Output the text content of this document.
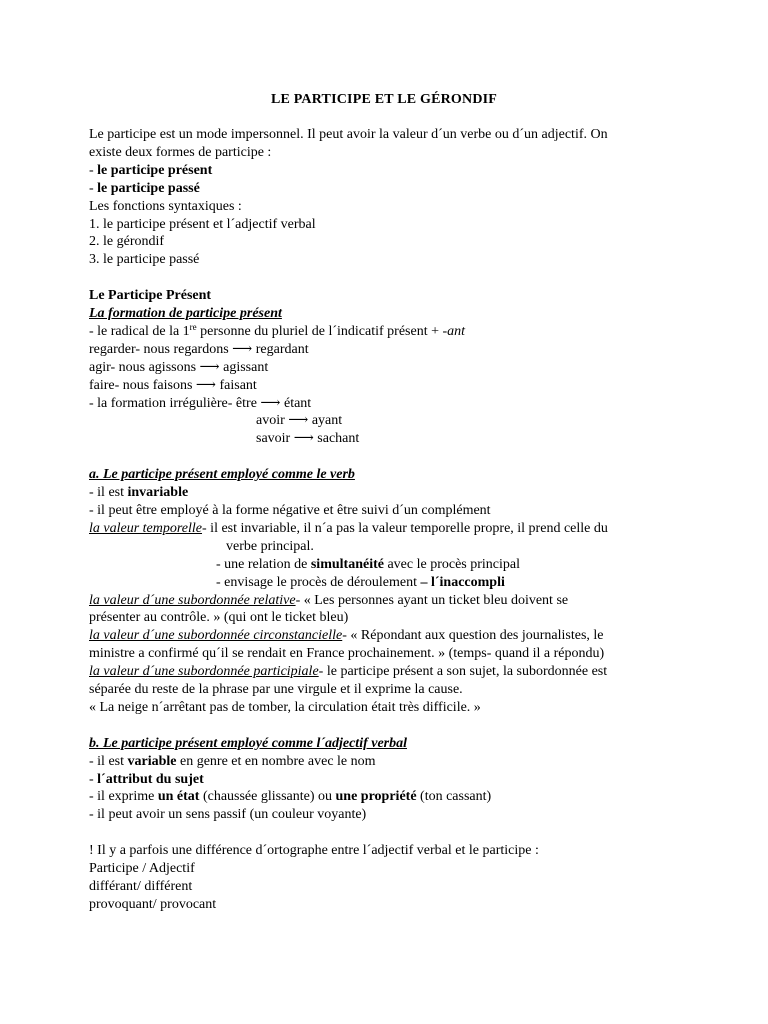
LE PARTICIPE ET LE GÉRONDIF
Le participe est un mode impersonnel. Il peut avoir la valeur d´un verbe ou d´un adjectif. On
existe deux formes de participe :
- le participe présent
- le participe passé
Les fonctions syntaxiques :
1. le participe présent et l´adjectif verbal
2. le gérondif
3. le participe passé
Le Participe Présent
La formation de participe présent
- le radical de la 1re personne du pluriel de l´indicatif présent + -ant
regarder- nous regardons ⟶ regardant
agir- nous agissons ⟶ agissant
faire- nous faisons ⟶ faisant
- la formation irrégulière- être ⟶ étant
avoir ⟶ ayant
savoir ⟶ sachant
a. Le participe présent employé comme le verb
- il est invariable
- il peut être employé à la forme négative et être suivi d´un complément
la valeur temporelle- il est invariable, il n´a pas la valeur temporelle propre, il prend celle du
verbe principal.
- une relation de simultanéité avec le procès principal
- envisage le procès de déroulement – l´inaccompli
la valeur d´une subordonnée relative- « Les personnes ayant un ticket bleu doivent se
présenter au contrôle. » (qui ont le ticket bleu)
la valeur d´une subordonnée circonstancielle- « Répondant aux question des journalistes, le
ministre a confirmé qu´il se rendait en France prochainement. » (temps- quand il a répondu)
la valeur d´une subordonnée participiale- le participe présent a son sujet, la subordonnée est
séparée du reste de la phrase par une virgule et il exprime la cause.
« La neige n´arrêtant pas de tomber, la circulation était très difficile. »
b. Le participe présent employé comme l´adjectif verbal
- il est variable en genre et en nombre avec le nom
- l´attribut du sujet
- il exprime un état (chaussée glissante) ou une propriété (ton cassant)
- il peut avoir un sens passif (un couleur voyante)
! Il y a parfois une différence d´ortographe entre l´adjectif verbal et le participe :
Participe / Adjectif
différant/ différent
provoquant/ provocant
